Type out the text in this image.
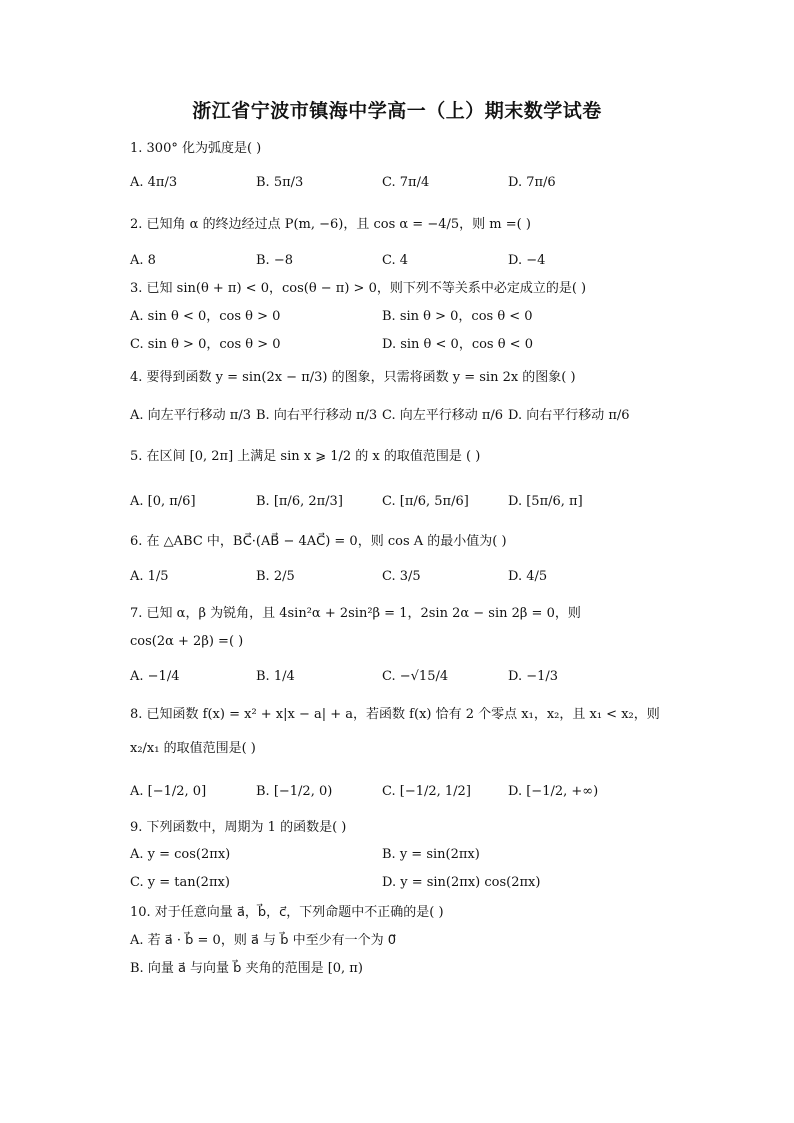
浙江省宁波市镇海中学高一（上）期末数学试卷
1. 300° 化为弧度是( )
A. 4π/3	B. 5π/3	C. 7π/4	D. 7π/6
2. 已知角 α 的终边经过点 P(m, −6)，且 cos α = −4/5，则 m =( )
A. 8	B. −8	C. 4	D. −4
3. 已知 sin(θ + π) < 0，cos(θ − π) > 0，则下列不等关系中必定成立的是( )
A. sin θ < 0，cos θ > 0	B. sin θ > 0，cos θ < 0
C. sin θ > 0，cos θ > 0	D. sin θ < 0，cos θ < 0
4. 要得到函数 y = sin(2x − π/3) 的图象，只需将函数 y = sin 2x 的图象( )
A. 向左平行移动 π/3 B. 向右平行移动 π/3 C. 向左平行移动 π/6 D. 向右平行移动 π/6
5. 在区间 [0, 2π] 上满足 sin x ⩾ 1/2 的 x 的取值范围是 ( )
A. [0, π/6]	B. [π/6, 2π/3]	C. [π/6, 5π/6]	D. [5π/6, π]
6. 在 △ABC 中，BC⃗·(AB⃗ − 4AC⃗) = 0，则 cos A 的最小值为( )
A. 1/5	B. 2/5	C. 3/5	D. 4/5
7. 已知 α，β 为锐角，且 4sin²α + 2sin²β = 1，2sin 2α − sin 2β = 0，则
cos(2α + 2β) =( )
A. −1/4	B. 1/4	C. −√15/4	D. −1/3
8. 已知函数 f(x) = x² + x|x − a| + a，若函数 f(x) 恰有 2 个零点 x₁，x₂，且 x₁ < x₂，则
x₂/x₁ 的取值范围是( )
A. [−1/2, 0]	B. [−1/2, 0)	C. [−1/2, 1/2]	D. [−1/2, +∞)
9. 下列函数中，周期为 1 的函数是( )
A. y = cos(2πx)	B. y = sin(2πx)
C. y = tan(2πx)	D. y = sin(2πx) cos(2πx)
10. 对于任意向量 a⃗，b⃗，c⃗，下列命题中不正确的是( )
A. 若 a⃗ · b⃗ = 0，则 a⃗ 与 b⃗ 中至少有一个为 0⃗
B. 向量 a⃗ 与向量 b⃗ 夹角的范围是 [0, π)
